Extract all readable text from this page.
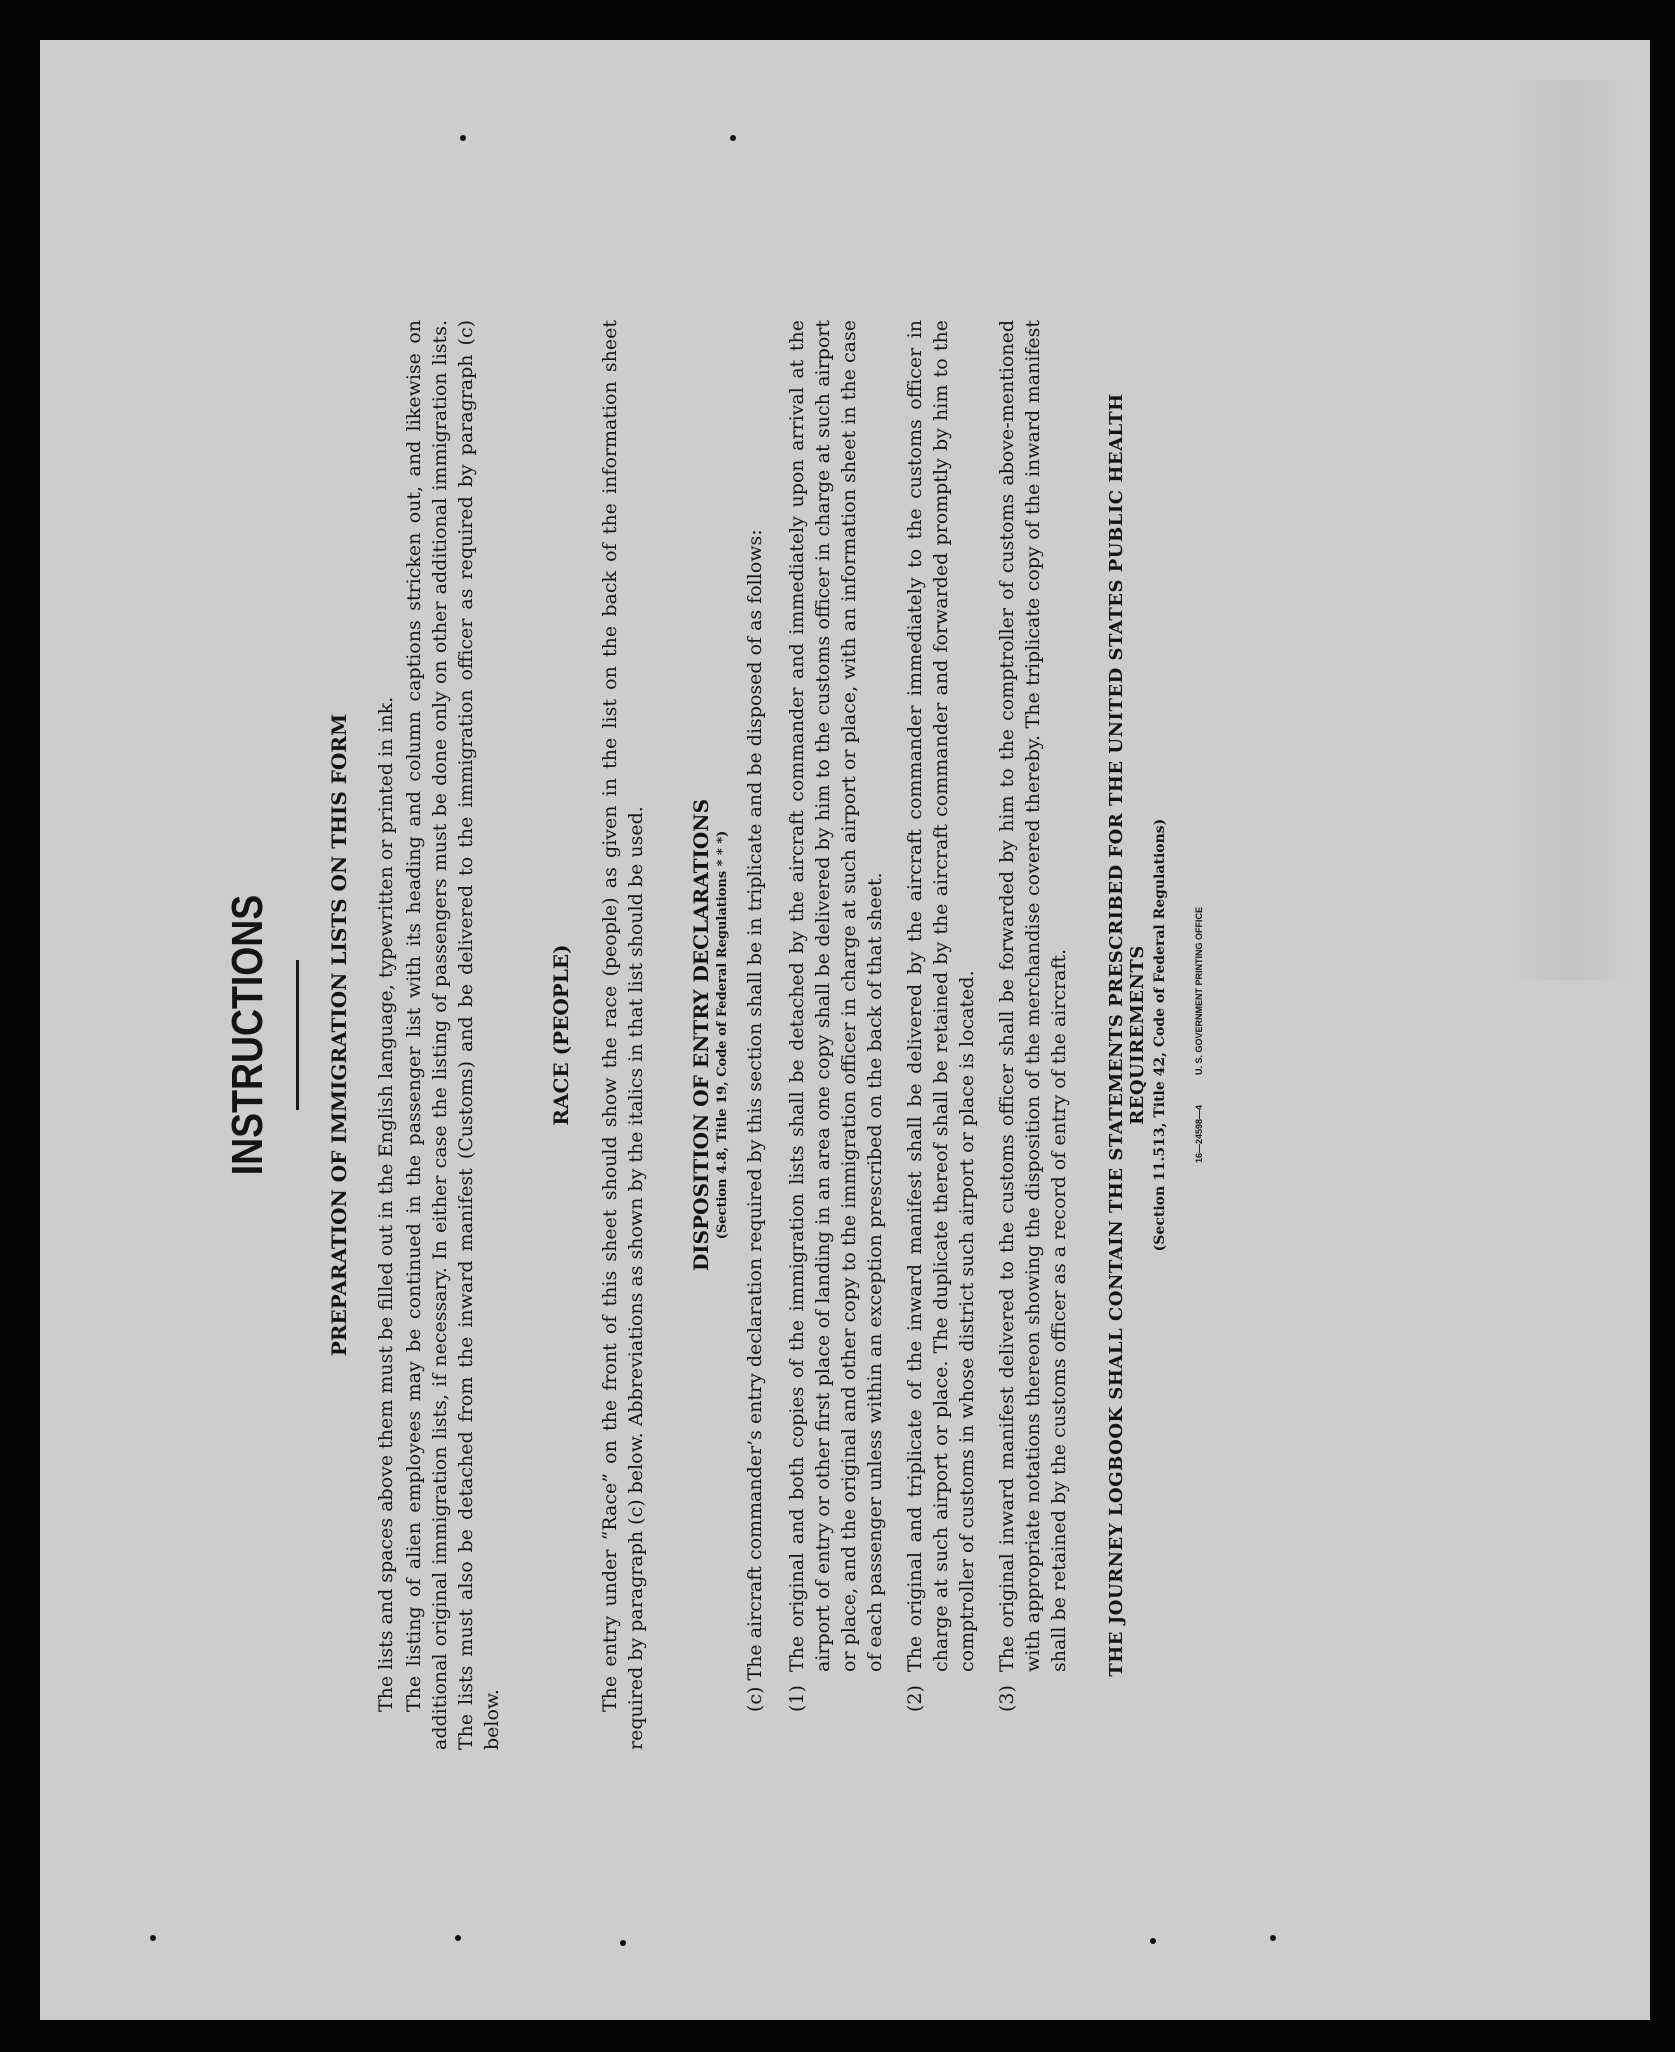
INSTRUCTIONS	PREPARATION OF IMMIGRATION LISTS ON THIS FORM The lists and spaces above them must be filled out in the English language, typewritten or printed in ink. The listing of alien employees may be continued in the passenger list with its heading and column captions stricken out, and likewise on additional original immigration lists, if necessary. In either case the listing of passengers must be done only on other additional immigration lists. The lists must also be detached from the inward manifest (Customs) and be delivered to the immigration officer as required by paragraph (c) below.

RACE (PEOPLE) The entry under “Race” on the front of this sheet should show the race (people) as given in the list on the back of the information sheet required by paragraph (c) below. Abbreviations as shown by the italics in that list should be used. DISPOSITION OF ENTRY DECLARATIONS (Section 4.8, Title 19, Code of Federal Regulations * * *) (c) The aircraft commander’s entry declaration required by this section shall be in triplicate and be disposed of as follows: (1)
The original and both copies of the immigration lists shall be detached by the aircraft commander and immediately upon arrival at the airport of entry or other first place of landing in an area one copy shall be delivered by him to the customs officer in charge at such airport or place, and the original and other copy to the immigration officer in charge at such airport or place, with an information sheet in the case of each passenger unless within an exception prescribed on the back of that sheet.
(2)
The original and triplicate of the inward manifest shall be delivered by the aircraft commander immediately to the customs officer in charge at such airport or place. The duplicate thereof shall be retained by the aircraft commander and forwarded promptly by him to the comptroller of customs in whose district such airport or place is located.
(3)
The original inward manifest delivered to the customs officer shall be forwarded by him to the comptroller of customs above-mentioned with appropriate notations thereon showing the disposition of the merchandise covered thereby. The triplicate copy of the inward manifest shall be retained by the customs officer as a record of entry of the aircraft. THE JOURNEY LOGBOOK SHALL CONTAIN THE STATEMENTS PRESCRIBED FOR THE UNITED STATES PUBLIC HEALTH REQUIREMENTS (Section 11.513, Title 42, Code of Federal Regulations)	16—24598—4
U. S. GOVERNMENT PRINTING OFFICE
